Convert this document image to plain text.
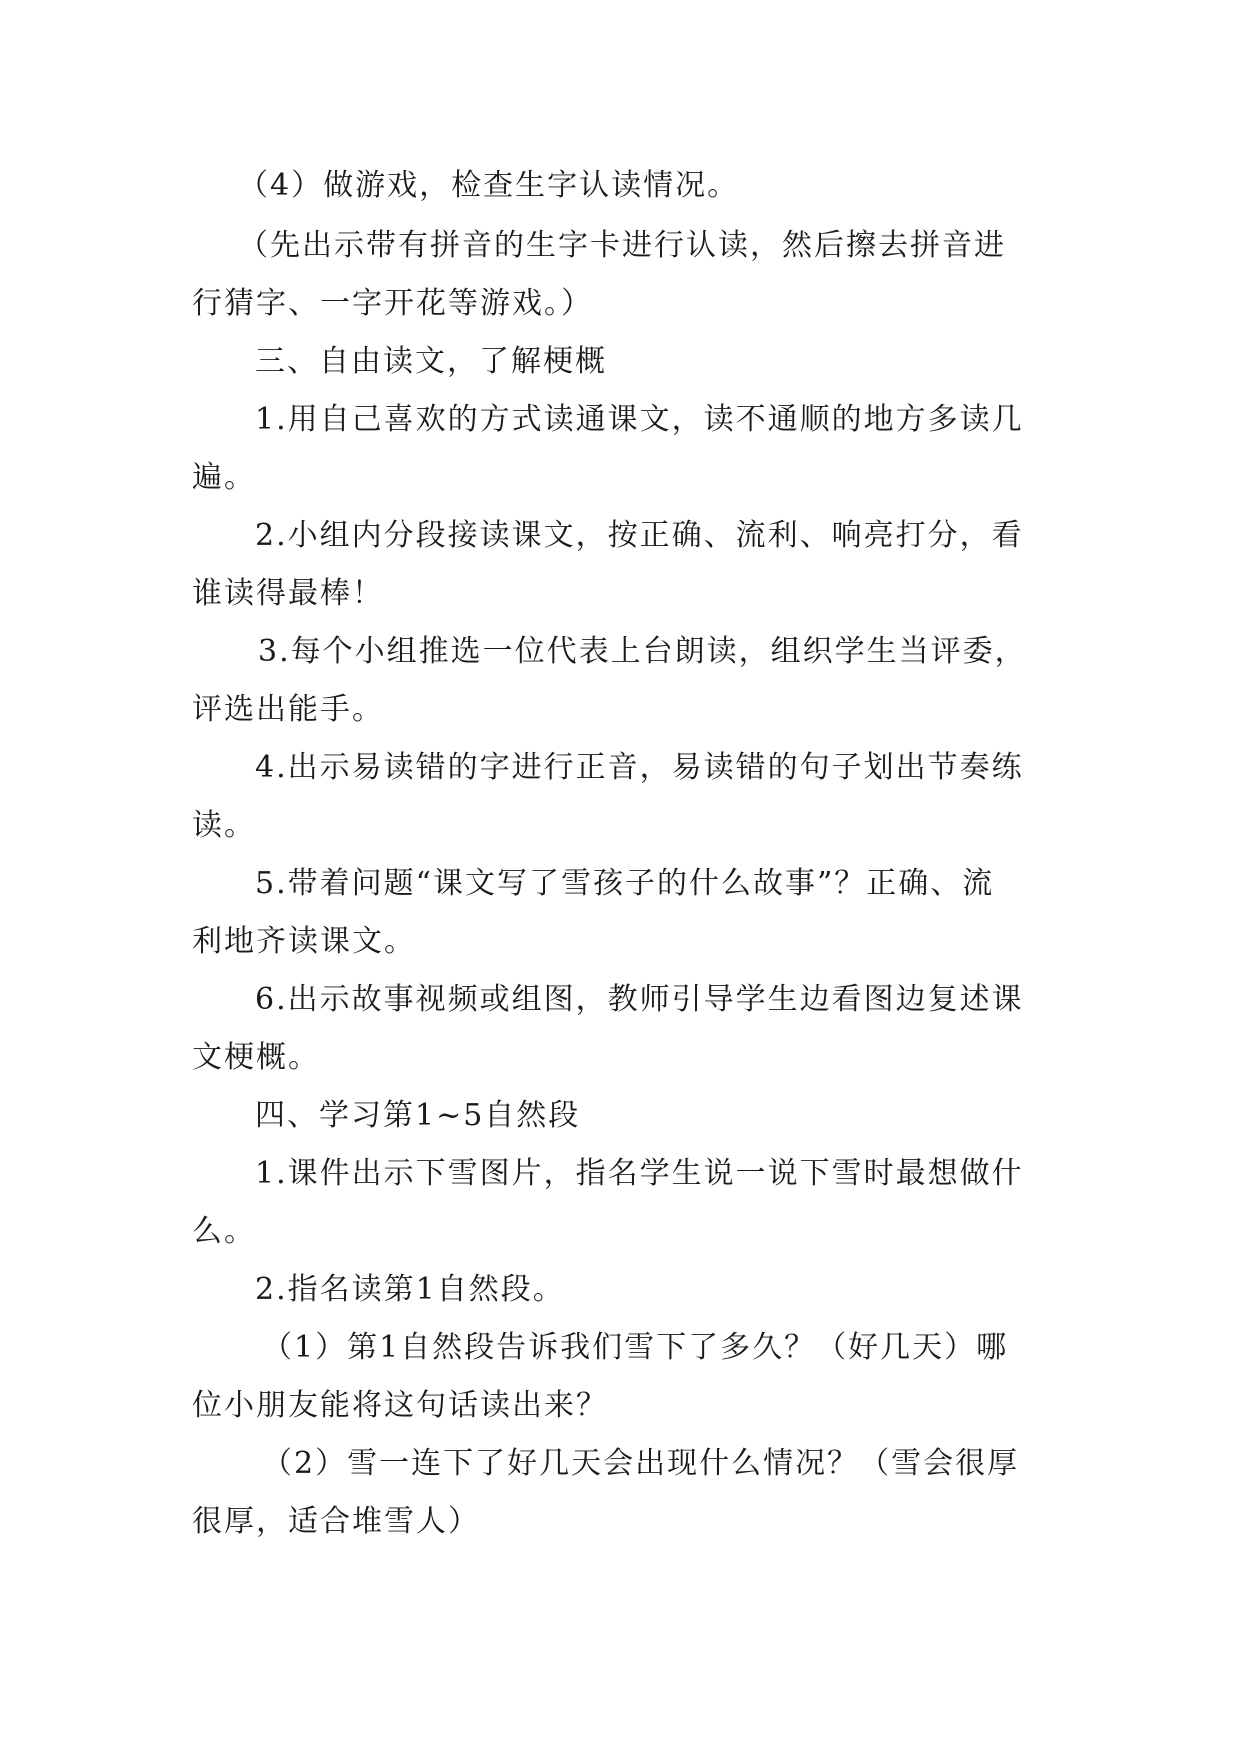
（4）做游戏，检查生字认读情况。

（先出示带有拼音的生字卡进行认读，然后擦去拼音进

行猜字、一字开花等游戏。）

三、自由读文，了解梗概

1.用自己喜欢的方式读通课文，读不通顺的地方多读几

遍。

2.小组内分段接读课文，按正确、流利、响亮打分，看

谁读得最棒！

3.每个小组推选一位代表上台朗读，组织学生当评委，

评选出能手。

4.出示易读错的字进行正音，易读错的句子划出节奏练

读。

5.带着问题“课文写了雪孩子的什么故事”？正确、流

利地齐读课文。

6.出示故事视频或组图，教师引导学生边看图边复述课

文梗概。

四、学习第1~5自然段

1.课件出示下雪图片，指名学生说一说下雪时最想做什

么。

2.指名读第1自然段。

（1）第1自然段告诉我们雪下了多久？（好几天）哪

位小朋友能将这句话读出来？

（2）雪一连下了好几天会出现什么情况？（雪会很厚

很厚，适合堆雪人）
